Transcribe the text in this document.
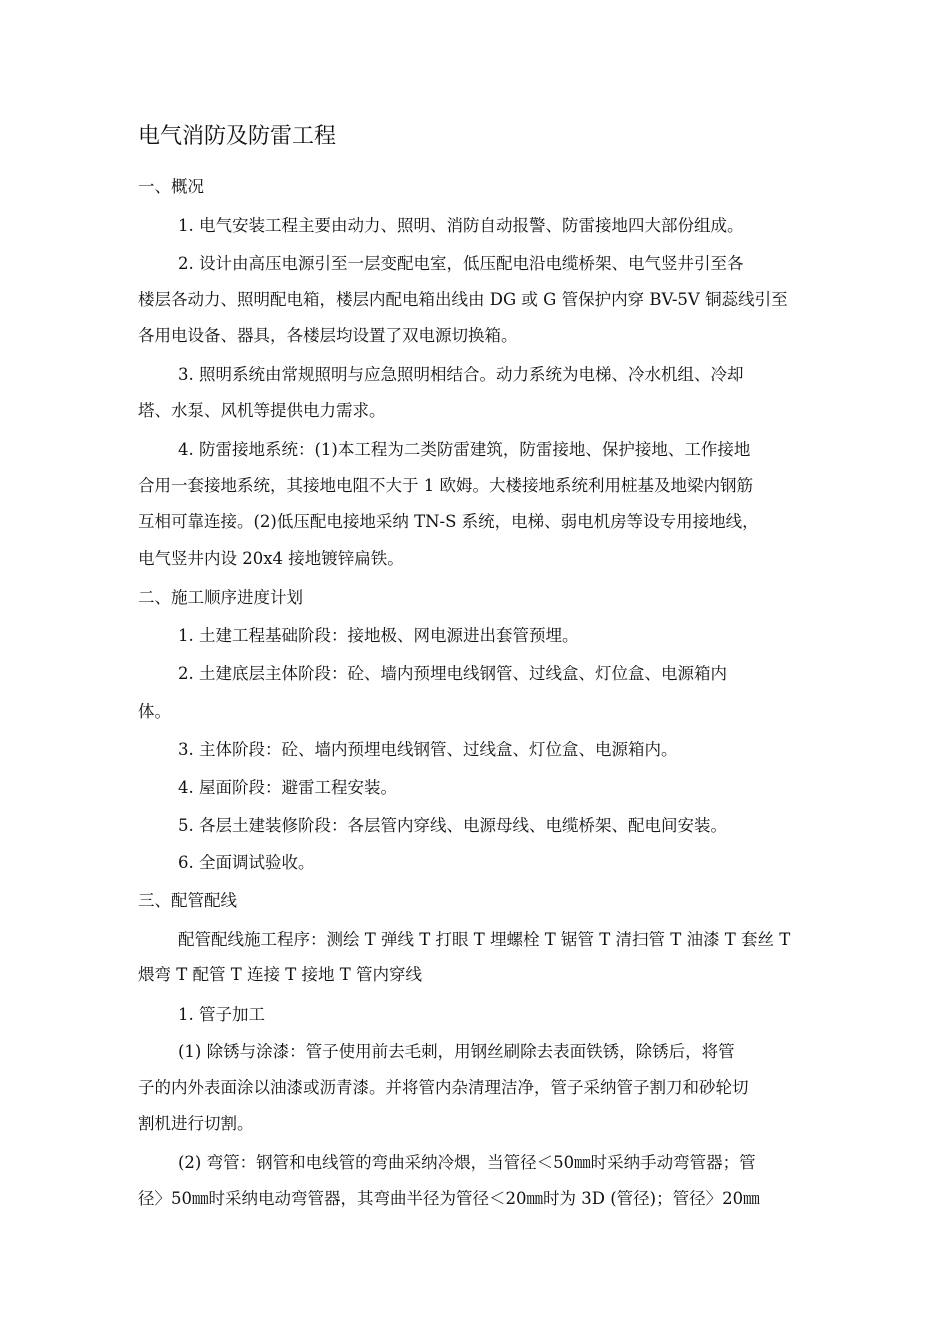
电气消防及防雷工程
一、概况
1. 电气安装工程主要由动力、照明、消防自动报警、防雷接地四大部份组成。
2. 设计由高压电源引至一层变配电室，低压配电沿电缆桥架、电气竖井引至各
楼层各动力、照明配电箱，楼层内配电箱出线由 DG 或 G 管保护内穿 BV-5V 铜蕊线引至
各用电设备、器具，各楼层均设置了双电源切换箱。
3. 照明系统由常规照明与应急照明相结合。动力系统为电梯、冷水机组、冷却
塔、水泵、风机等提供电力需求。
4. 防雷接地系统：(1)本工程为二类防雷建筑，防雷接地、保护接地、工作接地
合用一套接地系统，其接地电阻不大于 1 欧姆。大楼接地系统利用桩基及地梁内钢筋
互相可靠连接。(2)低压配电接地采纳 TN-S 系统，电梯、弱电机房等设专用接地线，
电气竖井内设 20x4 接地镀锌扁铁。
二、施工顺序进度计划
1. 土建工程基础阶段：接地极、网电源进出套管预埋。
2. 土建底层主体阶段：砼、墙内预埋电线钢管、过线盒、灯位盒、电源箱内
体。
3. 主体阶段：砼、墙内预埋电线钢管、过线盒、灯位盒、电源箱内。
4. 屋面阶段：避雷工程安装。
5. 各层土建装修阶段：各层管内穿线、电源母线、电缆桥架、配电间安装。
6. 全面调试验收。
三、配管配线
配管配线施工程序：测绘 T 弹线 T 打眼 T 埋螺栓 T 锯管 T 清扫管 T 油漆 T 套丝 T
煨弯 T 配管 T 连接 T 接地 T 管内穿线
1. 管子加工
(1) 除锈与涂漆：管子使用前去毛刺，用钢丝刷除去表面铁锈，除锈后，将管
子的内外表面涂以油漆或沥青漆。并将管内杂清理洁净，管子采纳管子割刀和砂轮切
割机进行切割。
(2) 弯管：钢管和电线管的弯曲采纳冷煨，当管径＜50㎜时采纳手动弯管器；管
径〉50㎜时采纳电动弯管器，其弯曲半径为管径＜20㎜时为 3D (管径)；管径〉20㎜
